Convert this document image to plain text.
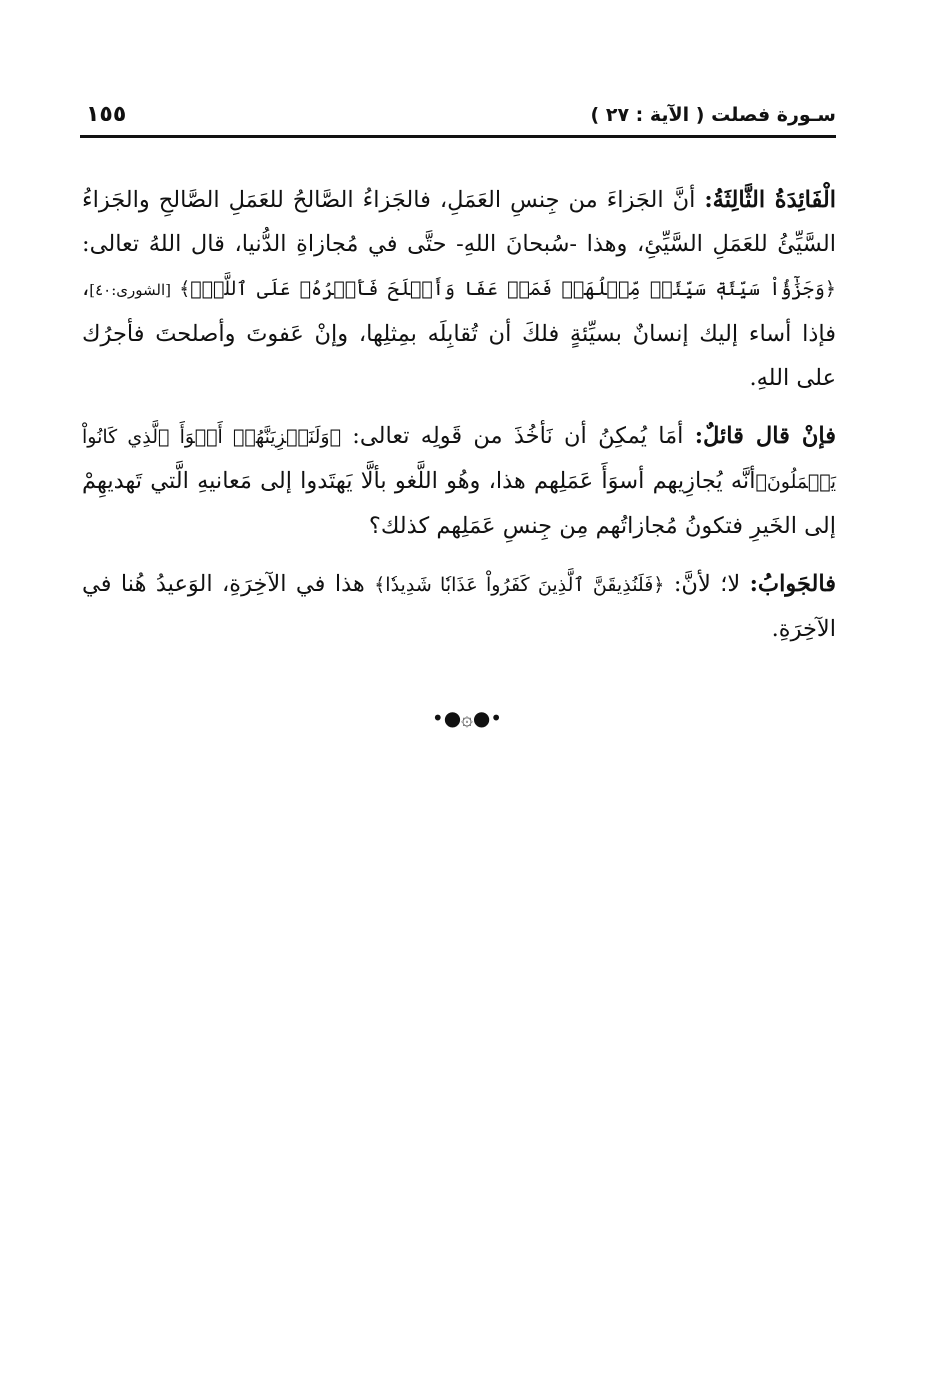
١٥٥	سـورة فصلت ( الآية : ٢٧ )

الْفَائِدَةُ الثَّالِثَةُ: أنَّ الجَزاءَ من جِنسِ العَمَلِ، فالجَزاءُ الصَّالحُ للعَمَلِ الصَّالحِ والجَزاءُ السَّيِّئُ للعَمَلِ السَّيِّئِ، وهذا -سُبحانَ اللهِ- حتَّى في مُجازاةِ الدُّنيا، قال اللهُ تعالى: ﴿وَجَزَٰٓؤُاْ سَيِّئَةٖ سَيِّئَةٞ مِّثۡلُهَاۖ فَمَنۡ عَفَا وَأَصۡلَحَ فَأَجۡرُهُۥ عَلَى ٱللَّهِۚ﴾ [الشورى:٤٠]، فإذا أساء إليك إنسانٌ بسيِّئةٍ فلكَ أن تُقابِلَه بمِثلِها، وإنْ عَفوتَ وأصلحتَ فأجرُك على اللهِ.

فإنْ قال قائلٌ: أمَا يُمكِنُ أن نَأخُذَ من قَولِه تعالى: ﴿وَلَنَجۡزِيَنَّهُمۡ أَسۡوَأَ ٱلَّذِي كَانُواْ يَعۡمَلُونَ﴾أنَّه يُجازِيهم أسوَأَ عَمَلِهم هذا، وهُو اللَّغو بألَّا يَهتَدوا إلى مَعانيهِ الَّتي تَهديهِمْ إلى الخَيرِ فتكونُ مُجازاتُهم مِن جِنسِ عَمَلِهم كذلك؟

فالجَوابُ: لا؛ لأنَّ: ﴿فَلَنُذِيقَنَّ ٱلَّذِينَ كَفَرُواْ عَذَابٗا شَدِيدٗا﴾ هذا في الآخِرَةِ، الوَعيدُ هُنا في الآخِرَةِ.

•●۞●•
